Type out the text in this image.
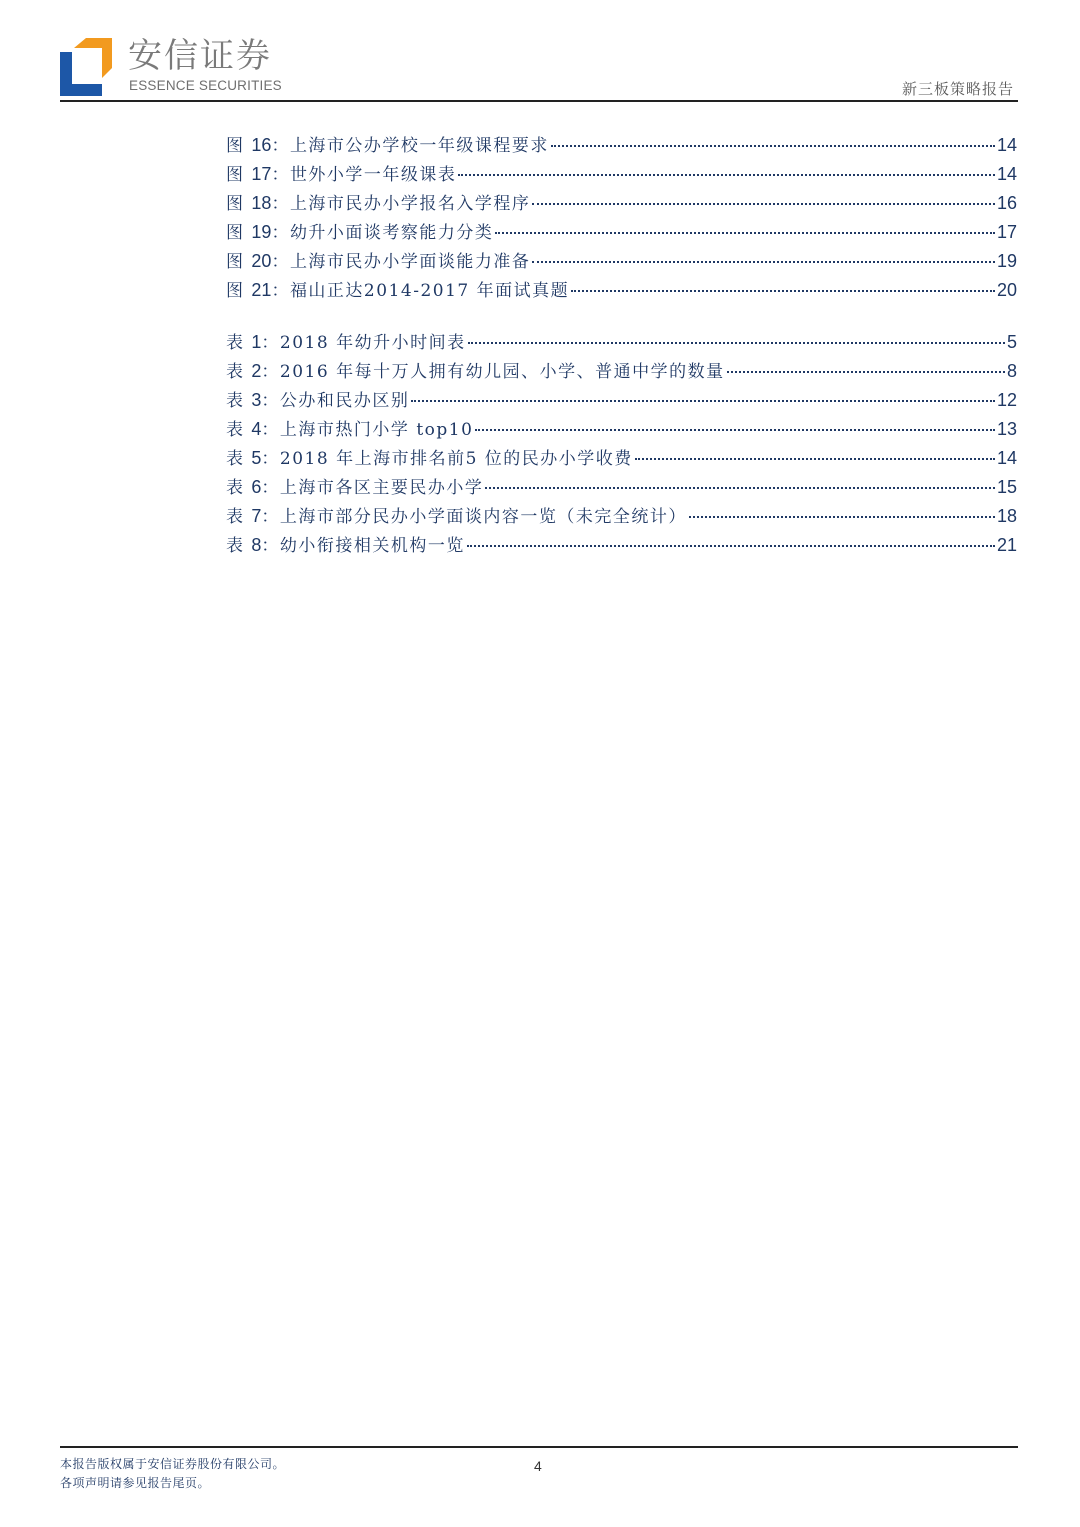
安信证券
ESSENCE SECURITIES	新三板策略报告
图 16：上海市公办学校一年级课程要求	14
图 17：世外小学一年级课表	14
图 18：上海市民办小学报名入学程序	16
图 19：幼升小面谈考察能力分类	17
图 20：上海市民办小学面谈能力准备	19
图 21：福山正达2014-2017 年面试真题	20
表 1：2018 年幼升小时间表	5
表 2：2016 年每十万人拥有幼儿园、小学、普通中学的数量	8
表 3：公办和民办区别	12
表 4：上海市热门小学 top10	13
表 5：2018 年上海市排名前5 位的民办小学收费	14
表 6：上海市各区主要民办小学	15
表 7：上海市部分民办小学面谈内容一览（未完全统计）	18
表 8：幼小衔接相关机构一览	21
本报告版权属于安信证券股份有限公司。
各项声明请参见报告尾页。
4
